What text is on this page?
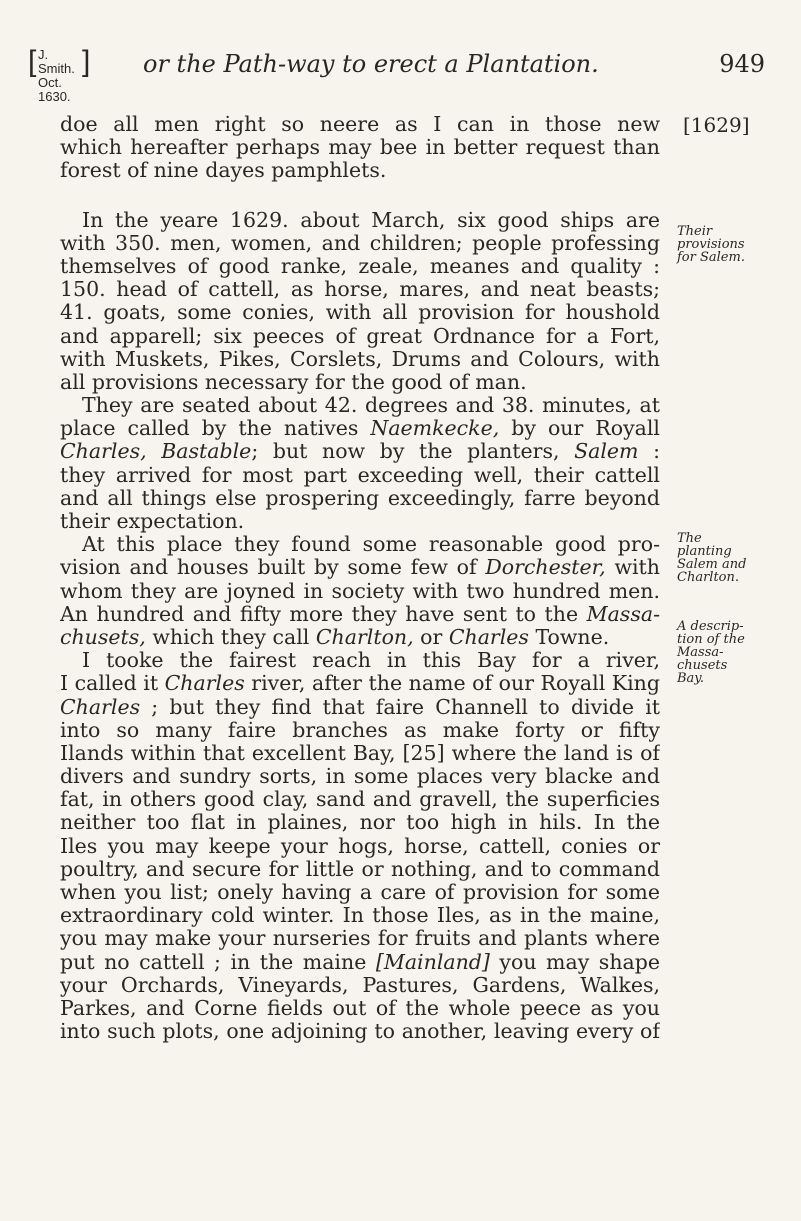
[ J. Smith.
Oct. 1630.
] or the Path-way to erect a Plantation.	949
[1629]
Their
provisions
for Salem.
The
planting
Salem and
Charlton.
A descrip-
tion of the
Massa-
chusets
Bay.
doe all men right so neere as I can in those new
which hereafter perhaps may bee in better request than
forest of nine dayes pamphlets.
In the yeare 1629. about March, six good ships are
with 350. men, women, and children; people professing
themselves of good ranke, zeale, meanes and quality :
150. head of cattell, as horse, mares, and neat beasts;
41. goats, some conies, with all provision for houshold
and apparell; six peeces of great Ordnance for a Fort,
with Muskets, Pikes, Corslets, Drums and Colours, with
all provisions necessary for the good of man.
They are seated about 42. degrees and 38. minutes, at
place called by the natives Naemkecke, by our Royall
Charles, Bastable; but now by the planters, Salem :
they arrived for most part exceeding well, their cattell
and all things else prospering exceedingly, farre beyond
their expectation.
At this place they found some reasonable good pro-
vision and houses built by some few of Dorchester, with
whom they are joyned in society with two hundred men.
An hundred and fifty more they have sent to the Massa-
chusets, which they call Charlton, or Charles Towne.
I tooke the fairest reach in this Bay for a river,
I called it Charles river, after the name of our Royall King
Charles ; but they find that faire Channell to divide it
into so many faire branches as make forty or fifty
Ilands within that excellent Bay, [25] where the land is of
divers and sundry sorts, in some places very blacke and
fat, in others good clay, sand and gravell, the superficies
neither too flat in plaines, nor too high in hils. In the
Iles you may keepe your hogs, horse, cattell, conies or
poultry, and secure for little or nothing, and to command
when you list; onely having a care of provision for some
extraordinary cold winter. In those Iles, as in the maine,
you may make your nurseries for fruits and plants where
put no cattell ; in the maine [Mainland] you may shape
your Orchards, Vineyards, Pastures, Gardens, Walkes,
Parkes, and Corne fields out of the whole peece as you
into such plots, one adjoining to another, leaving every of
